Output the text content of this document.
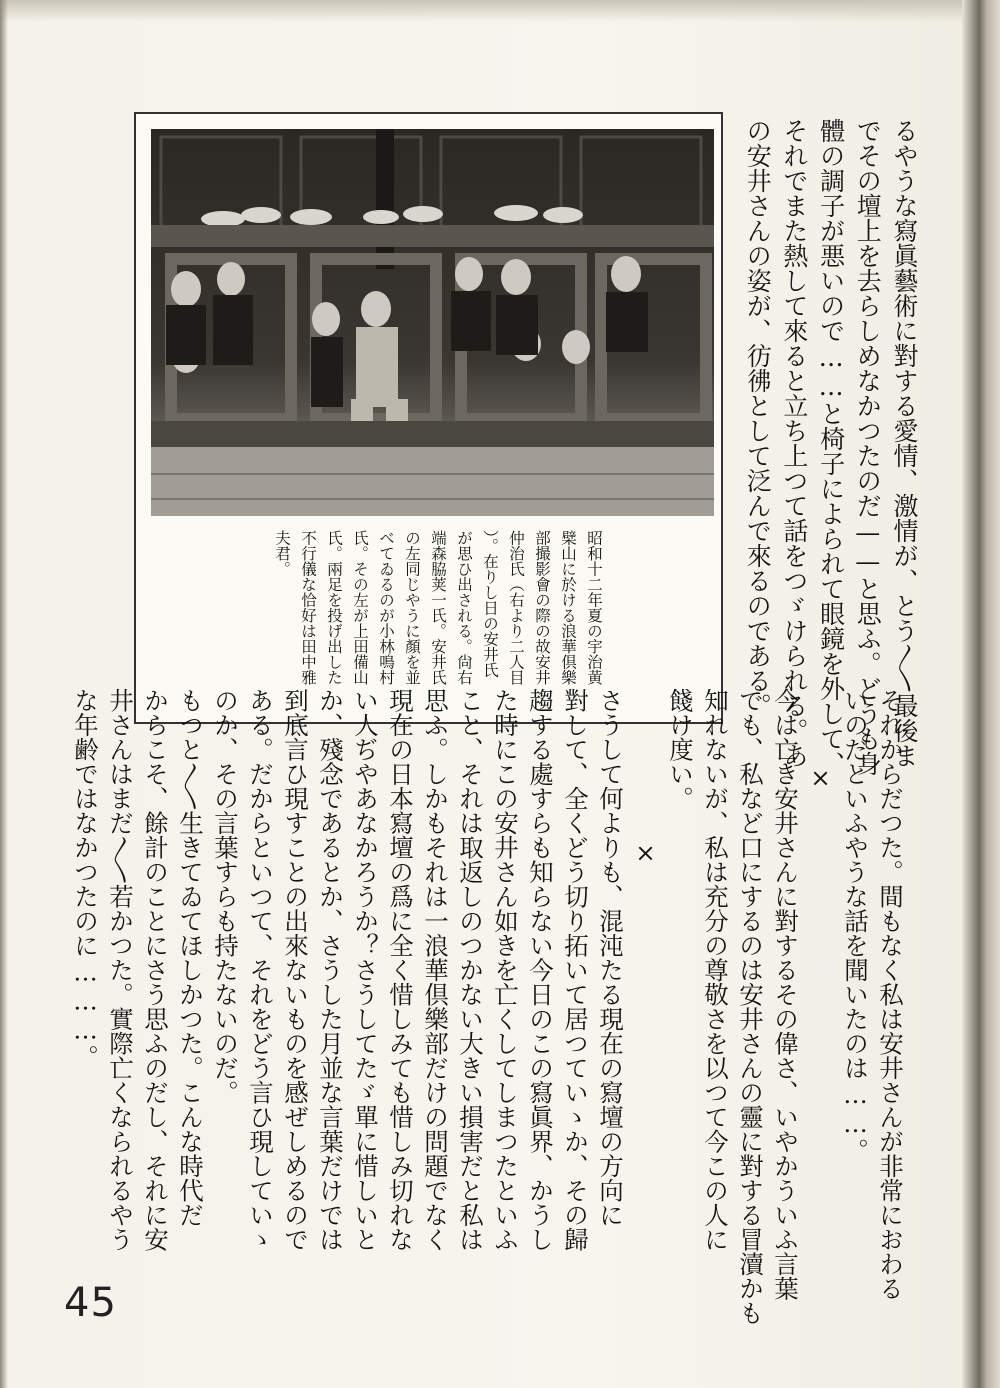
るやうな寫眞藝術に對する愛情、激情が、とう〳〵最後ま
でその壇上を去らしめなかつたのだ——と思ふ。どうも身
體の調子が悪いので……と椅子によられて眼鏡を外して、
それでまた熱して來ると立ち上つて話をつゞけられる。あ
の安井さんの姿が、彷彿として泛んで來るのである。
昭和十二年夏の宇治黄
檗山に於ける浪華倶樂
部撮影會の際の故安井
仲治氏（右より二人目
）。在りし日の安井氏
が思ひ出される。尙右
端森脇荚一氏。安井氏
の左同じやうに顏を並
べてゐるのが小林鳴村
氏。その左が上田備山
氏。兩足を投げ出した
不行儀な恰好は田中雅
夫君。
それからだつた。間もなく私は安井さんが非常におわる
いのだといふやうな話を聞いたのは……。
×
今は亡き安井さんに對するその偉さ、いやかういふ言葉
でも、私など口にするのは安井さんの靈に對する冒瀆かも
知れないが、私は充分の尊敬さを以つて今この人に
餞け度い。
×
さうして何よりも、混沌たる現在の寫壇の方向に
對して、全くどう切り拓いて居つていゝか、その歸
趨する處すらも知らない今日のこの寫眞界、かうし
た時にこの安井さん如きを亡くしてしまつたといふ
こと、それは取返しのつかない大きい損害だと私は
思ふ。しかもそれは一浪華倶樂部だけの問題でなく
現在の日本寫壇の爲に全く惜しみても惜しみ切れな
い人ぢやあなかろうか？さうしてたゞ單に惜しいと
か、殘念であるとか、さうした月並な言葉だけでは
到底言ひ現すことの出來ないものを感ぜしめるので
ある。だからといつて、それをどう言ひ現していゝ
のか、その言葉すらも持たないのだ。
もつと〳〵生きてゐてほしかつた。こんな時代だ
からこそ、餘計のことにさう思ふのだし、それに安
井さんはまだ〳〵若かつた。實際亡くなられるやう
な年齢ではなかつたのに………。
45
